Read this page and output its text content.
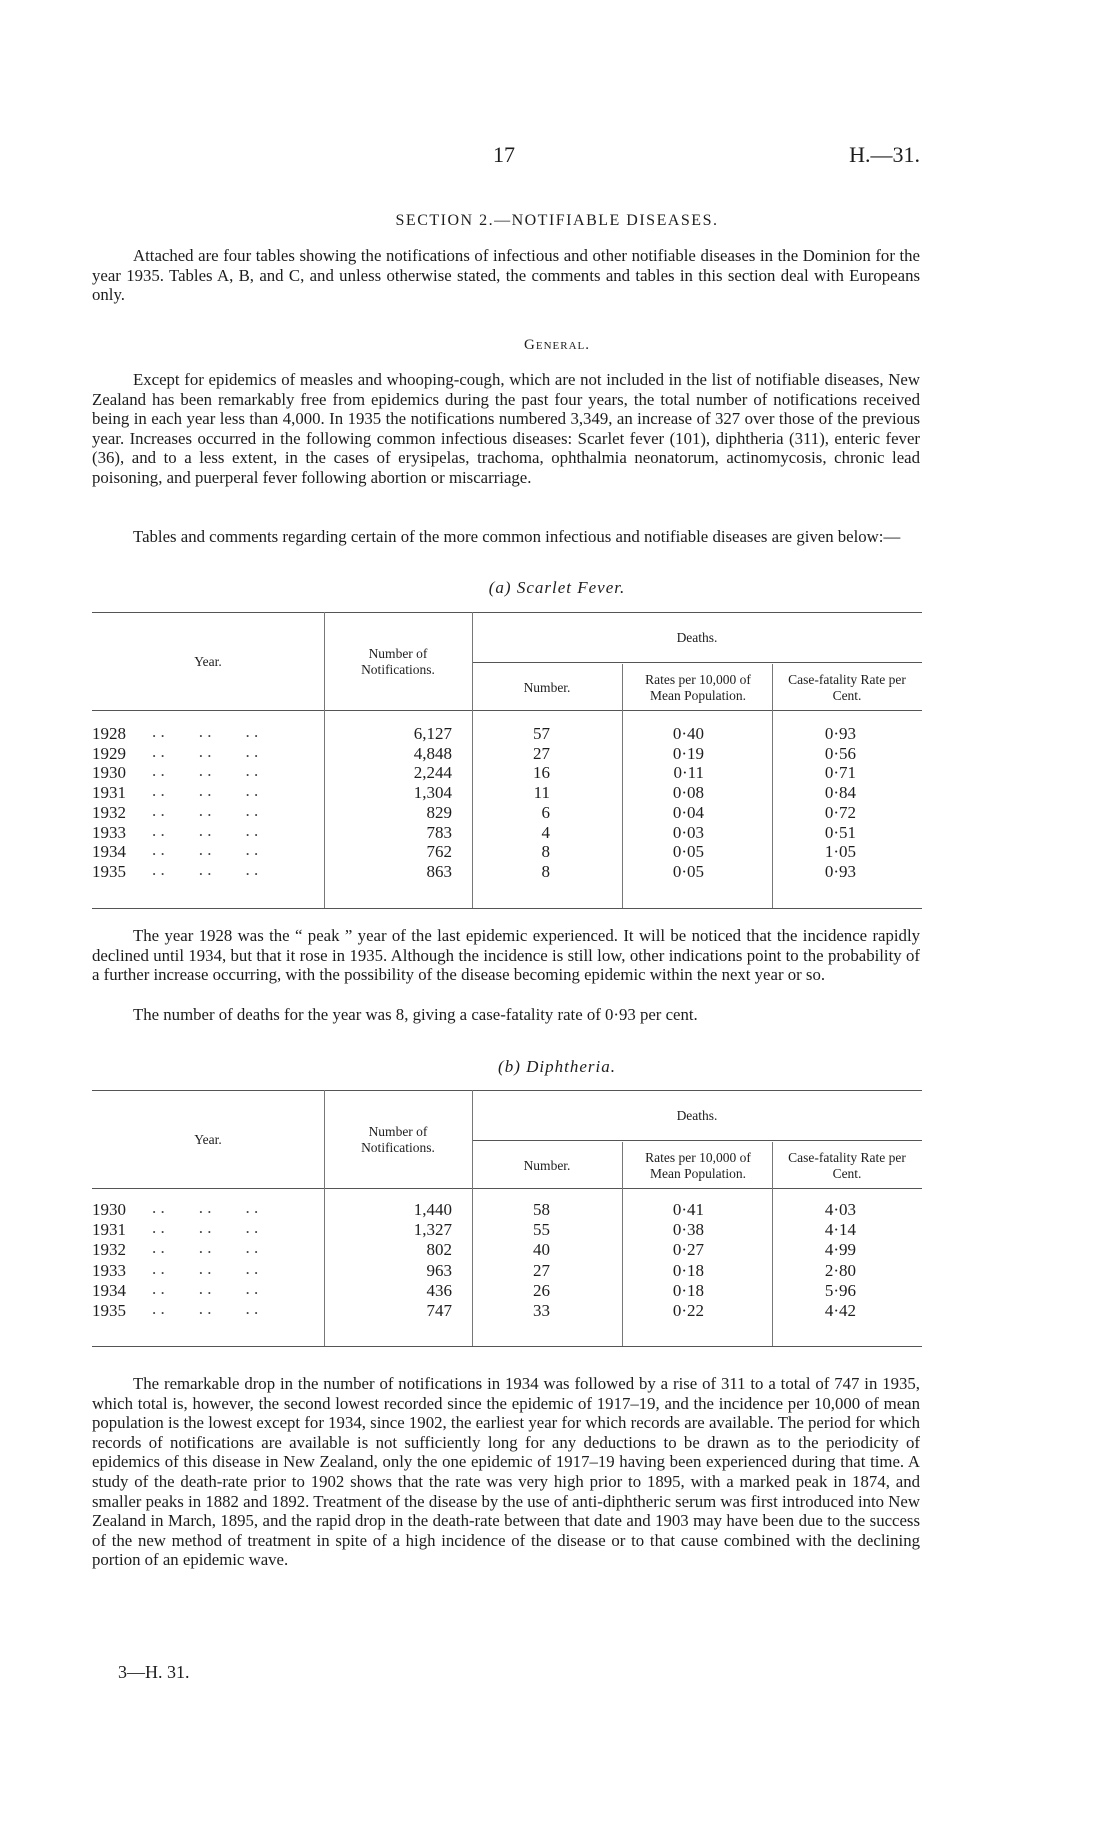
17	H.—31.
SECTION 2.—NOTIFIABLE DISEASES.

Attached are four tables showing the notifications of infectious and other notifiable diseases in the Dominion for the year 1935. Tables A, B, and C, and unless otherwise stated, the comments and tables in this section deal with Europeans only.

General.

Except for epidemics of measles and whooping-cough, which are not included in the list of notifiable diseases, New Zealand has been remarkably free from epidemics during the past four years, the total number of notifications received being in each year less than 4,000. In 1935 the notifications numbered 3,349, an increase of 327 over those of the previous year. Increases occurred in the following common infectious diseases: Scarlet fever (101), diphtheria (311), enteric fever (36), and to a less extent, in the cases of erysipelas, trachoma, ophthalmia neonatorum, actinomycosis, chronic lead poisoning, and puerperal fever following abortion or miscarriage.

Tables and comments regarding certain of the more common infectious and notifiable diseases are given below:—

(a) Scarlet Fever.
Year.
Number of Notifications.
Deaths.
Number.
Rates per 10,000 of Mean Population.
Case-fatality Rate per Cent.
. .        . .        . .
1928	6,127	57	0·40	0·93
. .        . .        . .
1929	4,848	27	0·19	0·56
. .        . .        . .
1930	2,244	16	0·11	0·71
. .        . .        . .
1931	1,304	11	0·08	0·84
. .        . .        . .
1932	829	6	0·04	0·72
. .        . .        . .
1933	783	4	0·03	0·51
. .        . .        . .
1934	762	8	0·05	1·05
. .        . .        . .
1935	863	8	0·05	0·93

The year 1928 was the “ peak ” year of the last epidemic experienced. It will be noticed that the incidence rapidly declined until 1934, but that it rose in 1935. Although the incidence is still low, other indications point to the probability of a further increase occurring, with the possibility of the disease becoming epidemic within the next year or so.

The number of deaths for the year was 8, giving a case-fatality rate of 0·93 per cent.

(b) Diphtheria.
Year.
Number of Notifications.
Deaths.
Number.
Rates per 10,000 of Mean Population.
Case-fatality Rate per Cent.
. .        . .        . .
1930	1,440	58	0·41	4·03
. .        . .        . .
1931	1,327	55	0·38	4·14
. .        . .        . .
1932	802	40	0·27	4·99
. .        . .        . .
1933	963	27	0·18	2·80
. .        . .        . .
1934	436	26	0·18	5·96
. .        . .        . .
1935	747	33	0·22	4·42

The remarkable drop in the number of notifications in 1934 was followed by a rise of 311 to a total of 747 in 1935, which total is, however, the second lowest recorded since the epidemic of 1917–19, and the incidence per 10,000 of mean population is the lowest except for 1934, since 1902, the earliest year for which records are available. The period for which records of notifications are available is not sufficiently long for any deductions to be drawn as to the periodicity of epidemics of this disease in New Zealand, only the one epidemic of 1917–19 having been experienced during that time. A study of the death-rate prior to 1902 shows that the rate was very high prior to 1895, with a marked peak in 1874, and smaller peaks in 1882 and 1892. Treatment of the disease by the use of anti-diphtheric serum was first introduced into New Zealand in March, 1895, and the rapid drop in the death-rate between that date and 1903 may have been due to the success of the new method of treatment in spite of a high incidence of the disease or to that cause combined with the declining portion of an epidemic wave.

3—H. 31.
